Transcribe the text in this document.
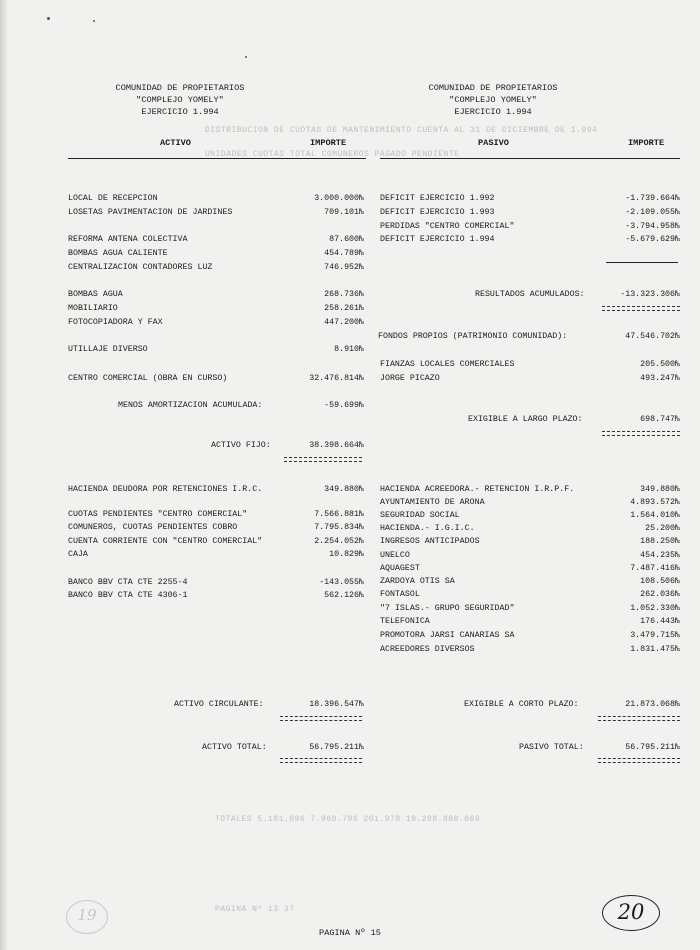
DISTRIBUCION DE CUOTAS DE MANTENIMIENTO CUENTA AL 31 DE DICIEMBRE DE 1.994
UNIDADES CUOTAS TOTAL COMUNEROS PAGADO PENDIENTE
TOTALES 5.101.096 7.960.796 201.978 19.288.880.069
PAGINA Nº 13 37
COMUNIDAD DE PROPIETARIOS
"COMPLEJO YOMELY"
EJERCICIO 1.994
COMUNIDAD DE PROPIETARIOS
"COMPLEJO YOMELY"
EJERCICIO 1.994
ACTIVO	IMPORTE	PASIVO	IMPORTE
LOCAL DE RECEPCION	3.000.000₧
LOSETAS PAVIMENTACION DE JARDINES	709.101₧
REFORMA ANTENA COLECTIVA	87.600₧
BOMBAS AGUA CALIENTE	454.789₧
CENTRALIZACION CONTADORES LUZ	746.952₧
BOMBAS AGUA	268.736₧
MOBILIARIO	258.261₧
FOTOCOPIADORA Y FAX	447.200₧
UTILLAJE DIVERSO	8.910₧
CENTRO COMERCIAL (OBRA EN CURSO)	32.476.814₧
MENOS AMORTIZACION ACUMULADA:	-59.699₧
ACTIVO FIJO:	38.398.664₧
HACIENDA DEUDORA POR RETENCIONES I.R.C.	349.880₧
CUOTAS PENDIENTES "CENTRO COMERCIAL"	7.566.881₧
COMUNEROS, CUOTAS PENDIENTES COBRO	7.795.834₧
CUENTA CORRIENTE CON "CENTRO COMERCIAL"	2.254.052₧
CAJA	10.829₧
BANCO BBV CTA CTE 2255-4	-143.055₧
BANCO BBV CTA CTE 4306-1	562.126₧
ACTIVO CIRCULANTE:	18.396.547₧
ACTIVO TOTAL:	56.795.211₧
DEFICIT EJERCICIO 1.992	-1.739.664₧
DEFICIT EJERCICIO 1.993	-2.109.055₧
PERDIDAS "CENTRO COMERCIAL"	-3.794.958₧
DEFICIT EJERCICIO 1.994	-5.679.629₧
RESULTADOS ACUMULADOS:	-13.323.306₧
FONDOS PROPIOS (PATRIMONIO COMUNIDAD):	47.546.702₧
FIANZAS LOCALES COMERCIALES	205.500₧
JORGE PICAZO	493.247₧
EXIGIBLE A LARGO PLAZO:	698.747₧
HACIENDA ACREEDORA.- RETENCION I.R.P.F.	349.880₧
AYUNTAMIENTO DE ARONA	4.893.572₧
SEGURIDAD SOCIAL	1.564.010₧
HACIENDA.- I.G.I.C.	25.200₧
INGRESOS ANTICIPADOS	188.250₧
UNELCO	454.235₧
AQUAGEST	7.487.416₧
ZARDOYA OTIS SA	108.506₧
FONTASOL	262.036₧
"7 ISLAS.- GRUPO SEGURIDAD"	1.052.330₧
TELEFONICA	176.443₧
PROMOTORA JARSI CANARIAS SA	3.479.715₧
ACREEDORES DIVERSOS	1.831.475₧
EXIGIBLE A CORTO PLAZO:	21.873.068₧
PASIVO TOTAL:	56.795.211₧
19	20
PAGINA Nº 15
